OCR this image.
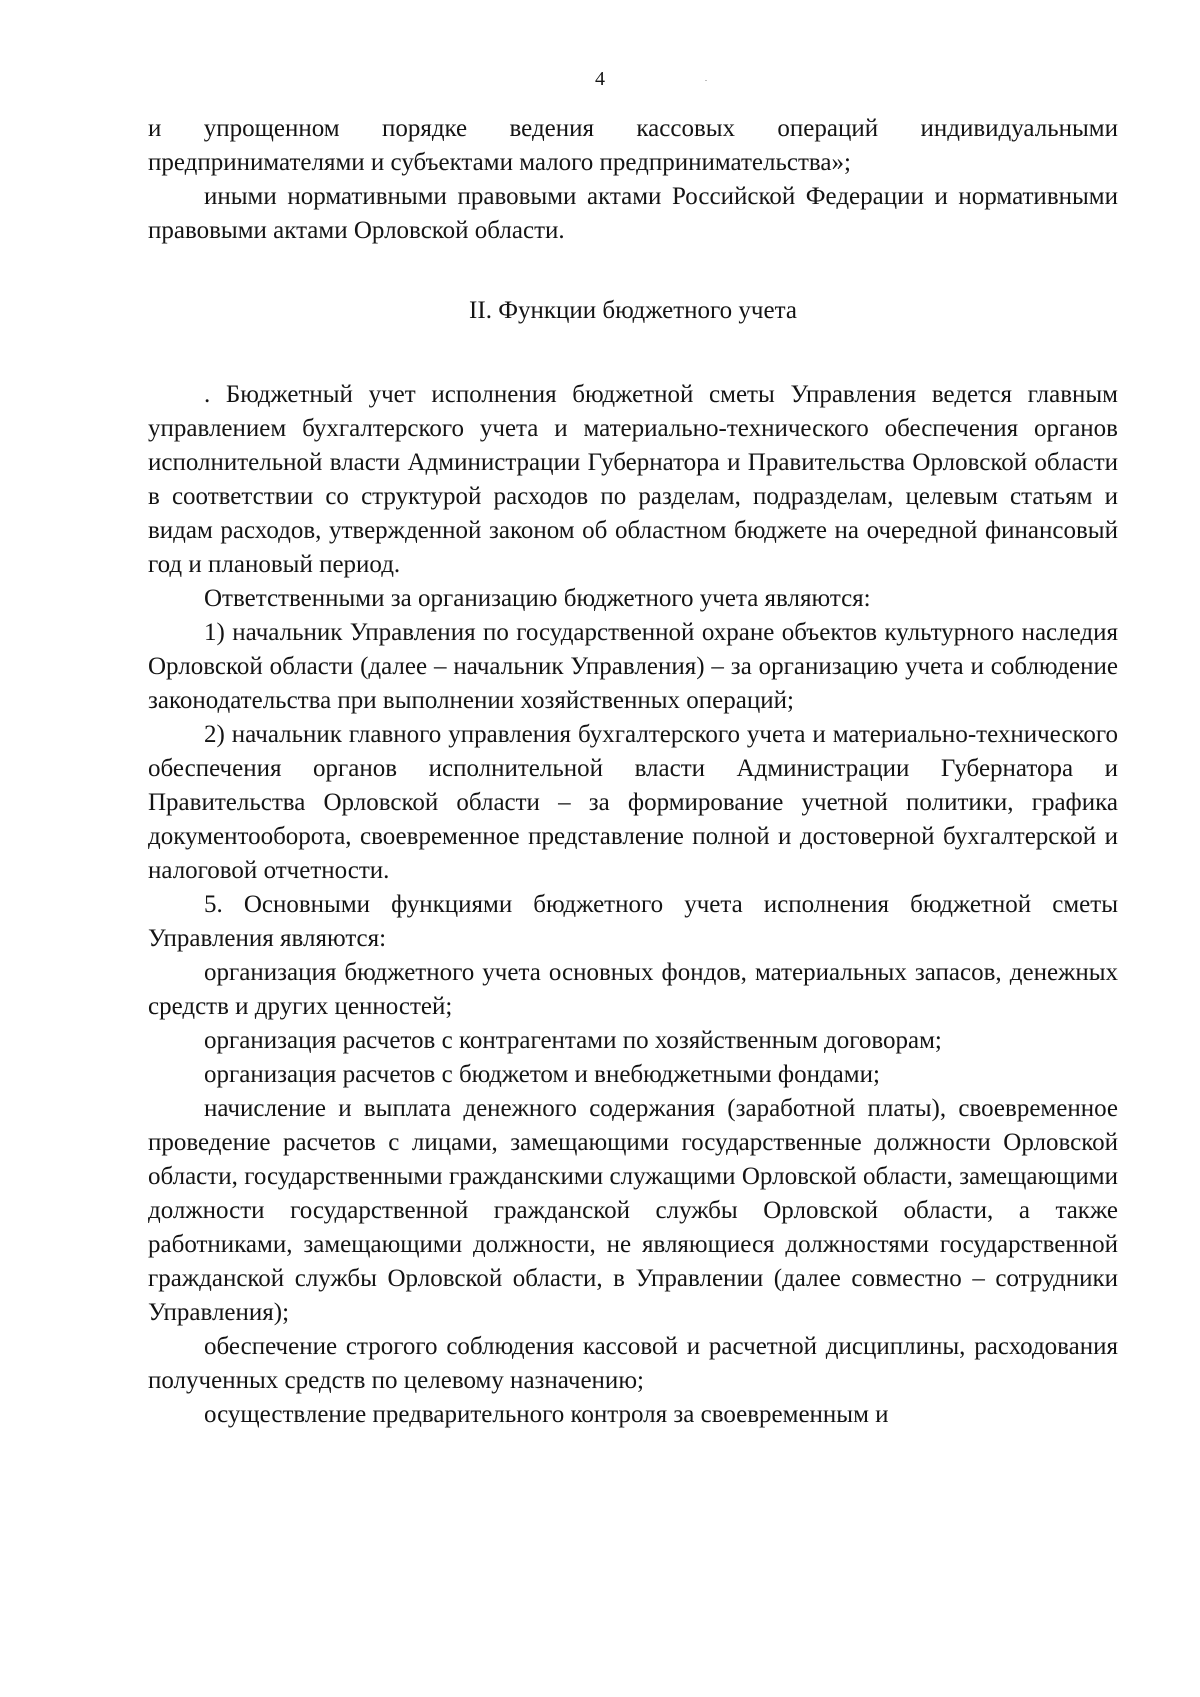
4

и упрощенном порядке ведения кассовых операций индивидуальными предпринимателями и субъектами малого предпринимательства»;

иными нормативными правовыми актами Российской Федерации и нормативными правовыми актами Орловской области.

II. Функции бюджетного учета

. Бюджетный учет исполнения бюджетной сметы Управления ведется главным управлением бухгалтерского учета и материально-технического обеспечения органов исполнительной власти Администрации Губернатора и Правительства Орловской области в соответствии со структурой расходов по разделам, подразделам, целевым статьям и видам расходов, утвержденной законом об областном бюджете на очередной финансовый год и плановый период.

Ответственными за организацию бюджетного учета являются:

1) начальник Управления по государственной охране объектов культурного наследия Орловской области (далее – начальник Управления) – за организацию учета и соблюдение законодательства при выполнении хозяйственных операций;

2) начальник главного управления бухгалтерского учета и материально-технического обеспечения органов исполнительной власти Администрации Губернатора и Правительства Орловской области – за формирование учетной политики, графика документооборота, своевременное представление полной и достоверной бухгалтерской и налоговой отчетности.

5. Основными функциями бюджетного учета исполнения бюджетной сметы Управления являются:

организация бюджетного учета основных фондов, материальных запасов, денежных средств и других ценностей;

организация расчетов с контрагентами по хозяйственным договорам;

организация расчетов с бюджетом и внебюджетными фондами;

начисление и выплата денежного содержания (заработной платы), своевременное проведение расчетов с лицами, замещающими государственные должности Орловской области, государственными гражданскими служащими Орловской области, замещающими должности государственной гражданской службы Орловской области, а также работниками, замещающими должности, не являющиеся должностями государственной гражданской службы Орловской области, в Управлении (далее совместно – сотрудники Управления);

обеспечение строгого соблюдения кассовой и расчетной дисциплины, расходования полученных средств по целевому назначению;

осуществление предварительного контроля за своевременным и
